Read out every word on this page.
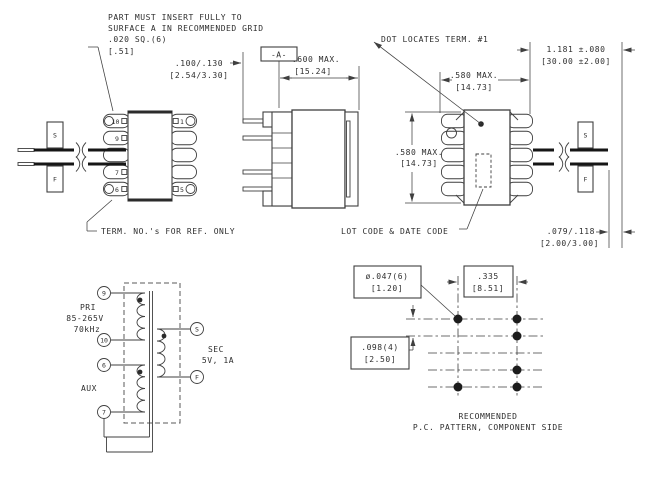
PART MUST INSERT FULLY TO
SURFACE A IN RECOMMENDED GRID
.020 SQ.(6)
[.51]
S
F
10
9
7
6
1
5
TERM. NO.'s FOR REF. ONLY
-A-
.100/.130
[2.54/3.30]
.600 MAX.
[15.24]
S
F
DOT LOCATES TERM. #1
LOT CODE & DATE CODE
.580 MAX.
[14.73]
.580 MAX.
[14.73]
1.181 ±.080
[30.00 ±2.00]
.079/.118
[2.00/3.00]
9
10
6
7
S
F
PRI
85-265V
70kHz
AUX
SEC
5V, 1A
ø.047(6)
[1.20]
.335
[8.51]
.098(4)
[2.50]
RECOMMENDED
P.C. PATTERN, COMPONENT SIDE
